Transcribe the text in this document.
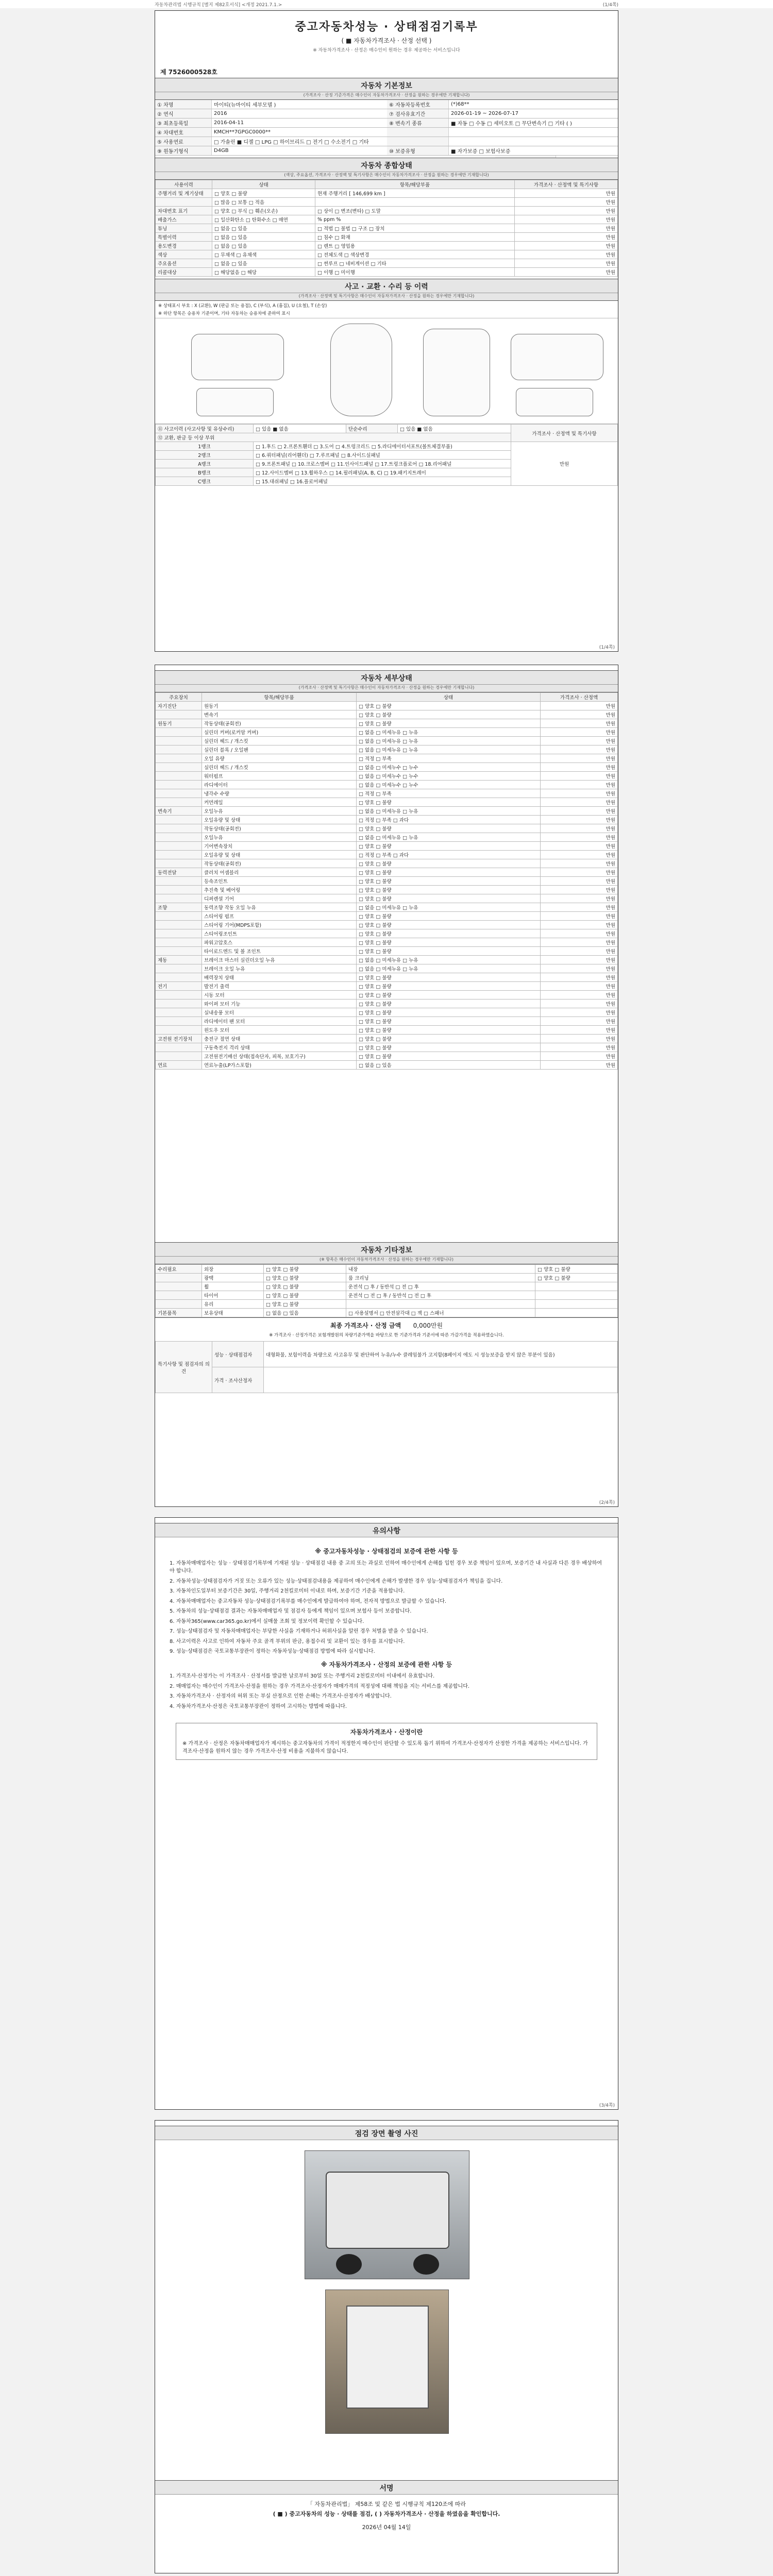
자동차관리법 시행규칙 [별지 제82호서식] <개정 2021.7.1.>	(1/4쪽)
중고자동차성능 · 상태점검기록부
( ■ 자동차가격조사 · 산정 선택 )
※ 자동차가격조사 · 산정은 매수인이 원하는 경우 제공하는 서비스입니다
제 7526000528호
자동차 기본정보
(가격조사 · 산정 기준가격은 매수인이 자동차가격조사 · 산정을 원하는 경우에만 기재합니다)
① 차명	마이티(뉴마이티 세부모델 )	⑥ 자동차등록번호	(*)68**
② 연식	2016	⑦ 검사유효기간	2026-01-19 ~ 2026-07-17
③ 최초등록일	2016-04-11	⑧ 변속기 종류	■ 자동 □ 수동 □ 세미오토 □ 무단변속기 □ 기타 ( )
④ 차대번호	KMCH**7GPGC0000**
⑤ 사용연료	□ 가솔린 ■ 디젤 □ LPG □ 하이브리드 □ 전기 □ 수소전기 □ 기타
⑨ 원동기형식	D4GB	⑩ 보증유형	■ 자가보증 □ 보험사보증
자동차 종합상태
(색상, 주요옵션, 가격조사 · 산정액 및 특기사항은 매수인이 자동차가격조사 · 산정을 원하는 경우에만 기재합니다)
사용이력	상태	항목/해당부품	가격조사 · 산정액 및 특기사항
주행거리 및 계기상태	□ 양호 □ 불량	현재 주행거리 [ 146,699 km ]	만원
	□ 많음 □ 보통 □ 적음		만원
차대번호 표기	□ 양호 □ 부식 □ 훼손(오손)	□ 상이 □ 변조(변타) □ 도말	만원
배출가스	□ 일산화탄소 □ 탄화수소 □ 매연	% ppm %	만원
튜닝	□ 없음 □ 있음	□ 적법 □ 불법 □ 구조 □ 장치	만원
특별이력	□ 없음 □ 있음	□ 침수 □ 화재	만원
용도변경	□ 없음 □ 있음	□ 렌트 □ 영업용	만원
색상	□ 무채색 □ 유채색	□ 전체도색 □ 색상변경	만원
주요옵션	□ 없음 □ 있음	□ 썬루프 □ 네비게이션 □ 기타	만원
리콜대상	□ 해당없음 □ 해당	□ 이행 □ 미이행	만원
사고 · 교환 · 수리 등 이력
(가격조사 · 산정액 및 특기사항은 매수인이 자동차가격조사 · 산정을 원하는 경우에만 기재합니다)
※ 상태표시 부호 : X (교환), W (판금 또는 용접), C (부식), A (흠집), U (요철), T (손상)
※ 하단 항목은 승용차 기준이며, 기타 자동차는 승용차에 준하여 표시
⑪ 사고이력 (사고사항 및 유상수리)	□ 있음 ■ 없음	단순수리	□ 있음 ■ 없음	가격조사 · 산정액 및 특기사항
⑫ 교환, 판금 등 이상 부위				
1랭크	□ 1.후드 □ 2.프론트휀더 □ 3.도어 □ 4.트렁크리드 □ 5.라디에이터서포트(볼트체결부품)			만원
2랭크	□ 6.쿼터패널(리어휀더) □ 7.루프패널 □ 8.사이드실패널			
A랭크	□ 9.프론트패널 □ 10.크로스멤버 □ 11.인사이드패널 □ 17.트렁크플로어 □ 18.리어패널			
B랭크	□ 12.사이드멤버 □ 13.휠하우스 □ 14.필러패널(A, B, C) □ 19.패키지트레이			
C랭크	□ 15.대쉬패널 □ 16.플로어패널			
(1/4쪽)
자동차 세부상태
(가격조사 · 산정액 및 특기사항은 매수인이 자동차가격조사 · 산정을 원하는 경우에만 기재합니다)
주요장치	항목/해당부품	상태	가격조사 · 산정액
자기진단	원동기	□ 양호 □ 불량	만원
	변속기	□ 양호 □ 불량	만원
원동기	작동상태(공회전)	□ 양호 □ 불량	만원
	실린더 커버(로커암 커버)	□ 없음 □ 미세누유 □ 누유	만원
	실린더 헤드 / 개스킷	□ 없음 □ 미세누유 □ 누유	만원
	실린더 블록 / 오일팬	□ 없음 □ 미세누유 □ 누유	만원
	오일 유량	□ 적정 □ 부족	만원
	실린더 헤드 / 개스킷	□ 없음 □ 미세누수 □ 누수	만원
	워터펌프	□ 없음 □ 미세누수 □ 누수	만원
	라디에이터	□ 없음 □ 미세누수 □ 누수	만원
	냉각수 수량	□ 적정 □ 부족	만원
	커먼레일	□ 양호 □ 불량	만원
변속기	오일누유	□ 없음 □ 미세누유 □ 누유	만원
	오일유량 및 상태	□ 적정 □ 부족 □ 과다	만원
	작동상태(공회전)	□ 양호 □ 불량	만원
	오일누유	□ 없음 □ 미세누유 □ 누유	만원
	기어변속장치	□ 양호 □ 불량	만원
	오일유량 및 상태	□ 적정 □ 부족 □ 과다	만원
	작동상태(공회전)	□ 양호 □ 불량	만원
동력전달	클러치 어셈블리	□ 양호 □ 불량	만원
	등속조인트	□ 양호 □ 불량	만원
	추진축 및 베어링	□ 양호 □ 불량	만원
	디퍼렌셜 기어	□ 양호 □ 불량	만원
조향	동력조향 작동 오일 누유	□ 없음 □ 미세누유 □ 누유	만원
	스티어링 펌프	□ 양호 □ 불량	만원
	스티어링 기어(MDPS포함)	□ 양호 □ 불량	만원
	스티어링조인트	□ 양호 □ 불량	만원
	파워고압호스	□ 양호 □ 불량	만원
	타이로드엔드 및 볼 조인트	□ 양호 □ 불량	만원
제동	브레이크 마스터 실린더오일 누유	□ 없음 □ 미세누유 □ 누유	만원
	브레이크 오일 누유	□ 없음 □ 미세누유 □ 누유	만원
	배력장치 상태	□ 양호 □ 불량	만원
전기	발전기 출력	□ 양호 □ 불량	만원
	시동 모터	□ 양호 □ 불량	만원
	와이퍼 모터 기능	□ 양호 □ 불량	만원
	실내송풍 모터	□ 양호 □ 불량	만원
	라디에이터 팬 모터	□ 양호 □ 불량	만원
	윈도우 모터	□ 양호 □ 불량	만원
고전원 전기장치	충전구 절연 상태	□ 양호 □ 불량	만원
	구동축전지 격리 상태	□ 양호 □ 불량	만원
	고전원전기배선 상태(접속단자, 피복, 보호기구)	□ 양호 □ 불량	만원
연료	연료누출(LP가스포함)	□ 없음 □ 있음	만원
자동차 기타정보
(※ 항목은 매수인이 자동차가격조사 · 산정을 원하는 경우에만 기재합니다)
수리필요	외장	□ 양호 □ 불량	내장	□ 양호 □ 불량
	광택	□ 양호 □ 불량	룸 크리닝	□ 양호 □ 불량
	휠	□ 양호 □ 불량	운전석 □ 후 / 동반석 □ 전 □ 후	
	타이어	□ 양호 □ 불량	운전석 □ 전 □ 후 / 동반석 □ 전 □ 후	
	유리	□ 양호 □ 불량		
기본품목	보유상태	□ 없음 □ 있음	□ 사용설명서 □ 안전삼각대 □ 잭 □ 스패너	
최종 가격조사 · 산정 금액 0,000만원
※ 가격조사 · 산정가격은 보험개발원의 차량기준가액을 바탕으로 한 기준가격과 기준서에 따른 가감가격을 적용하였습니다.
특기사항 및 점검자의 의견	성능 · 상태점검자	대형화물, 보험이력을 차량으로 사고유무 및 판단하여 누유/누수 클레임불가 고지함(8페이지 에도 시 성능보증을 받지 않은 부분이 있음)
	가격 · 조사산정자	
(2/4쪽)
유의사항
※ 중고자동차성능 · 상태점검의 보증에 관한 사항 등

1. 자동차매매업자는 성능 · 상태점검기록부에 기재된 성능 · 상태점검 내용 중 고의 또는 과실로 인하여 매수인에게 손해를 입힌 경우 보증 책임이 있으며, 보증기간 내 사실과 다른 경우 배상하여야 합니다.

2. 자동차성능·상태점검자가 거짓 또는 오류가 있는 성능·상태점검내용을 제공하여 매수인에게 손해가 발생한 경우 성능·상태점검자가 책임을 집니다.

3. 자동차인도일부터 보증기간은 30일, 주행거리 2천킬로미터 이내로 하며, 보증기간 기준을 적용합니다.

4. 자동차매매업자는 중고자동차 성능·상태점검기록부를 매수인에게 발급하여야 하며, 전자적 방법으로 발급할 수 있습니다.

5. 자동차의 성능·상태점검 결과는 자동차매매업자 및 점검자 등에게 책임이 있으며 보험사 등이 보증합니다.

6. 자동차365(www.car365.go.kr)에서 실매물 조회 및 정보이력 확인할 수 있습니다.

7. 성능·상태점검자 및 자동차매매업자는 부당한 사실을 기재하거나 허위사실을 알린 경우 처벌을 받을 수 있습니다.

8. 사고이력은 사고로 인하여 자동차 주요 골격 부위의 판금, 용접수리 및 교환이 있는 경우를 표시합니다.

9. 성능·상태점검은 국토교통부장관이 정하는 자동차성능·상태점검 방법에 따라 실시합니다.

※ 자동차가격조사 · 산정의 보증에 관한 사항 등

1. 가격조사·산정가는 이 가격조사 · 산정서를 발급한 날로부터 30일 또는 주행거리 2천킬로미터 이내에서 유효합니다.

2. 매매업자는 매수인이 가격조사·산정을 원하는 경우 가격조사·산정자가 매매가격의 적정성에 대해 책임을 지는 서비스를 제공합니다.

3. 자동차가격조사 · 산정자의 허위 또는 부실 산정으로 인한 손해는 가격조사·산정자가 배상합니다.

4. 자동차가격조사·산정은 국토교통부장관이 정하여 고시하는 방법에 따릅니다.

자동차가격조사 · 산정이란
※ 가격조사 · 산정은 자동차매매업자가 제시하는 중고자동차의 가격이 적정한지 매수인이 판단할 수 있도록 돕기 위하여 가격조사·산정자가 산정한 가격을 제공하는 서비스입니다. 가격조사·산정을 원하지 않는 경우 가격조사·산정 비용을 지불하지 않습니다.
(3/4쪽)
점검 장면 촬영 사진
서명
「 자동차관리법」 제58조 및 같은 법 시행규칙 제120조에 따라
( ■ ) 중고자동차의 성능 · 상태를 점검, ( ) 자동차가격조사 · 산정을 하였음을 확인합니다.
2026년 04월 14일
